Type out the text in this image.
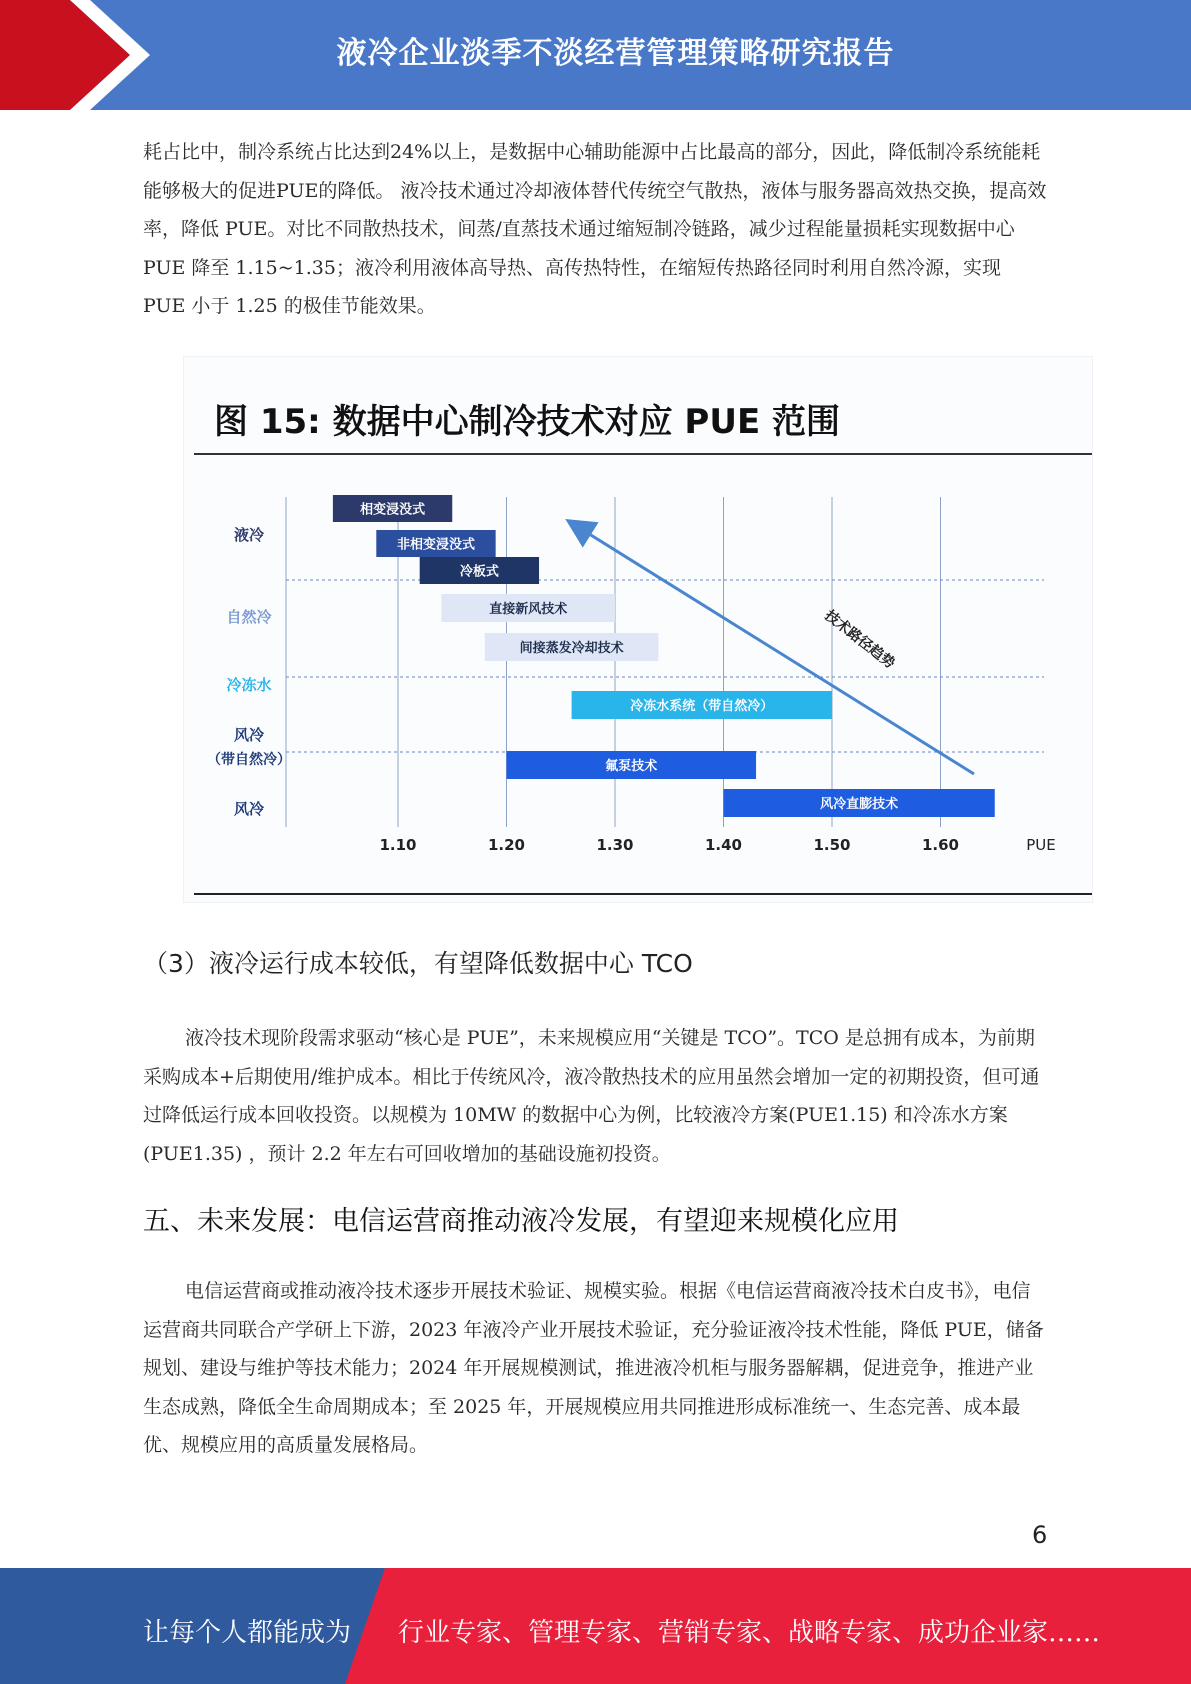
液冷企业淡季不淡经营管理策略研究报告
耗占比中，制冷系统占比达到24%以上，是数据中心辅助能源中占比最高的部分，因此，降低制冷系统能耗能够极大的促进PUE的降低。 液冷技术通过冷却液体替代传统空气散热，液体与服务器高效热交换，提高效率，降低 PUE。对比不同散热技术，间蒸/直蒸技术通过缩短制冷链路，减少过程能量损耗实现数据中心 PUE 降至 1.15~1.35；液冷利用液体高导热、高传热特性，在缩短传热路径同时利用自然冷源，实现 PUE 小于 1.25 的极佳节能效果。
图 15: 数据中心制冷技术对应 PUE 范围
1.10	1.20	1.30	1.40	1.50	1.60	PUE
液冷
自然冷
冷冻水
风冷
（带自然冷）
风冷
相变浸没式
非相变浸没式
冷板式
直接新风技术
间接蒸发冷却技术
冷冻水系统（带自然冷）
氟泵技术
风冷直膨技术
技术路径趋势
（3）液冷运行成本较低，有望降低数据中心 TCO
液冷技术现阶段需求驱动“核心是 PUE”，未来规模应用“关键是 TCO”。TCO 是总拥有成本，为前期采购成本+后期使用/维护成本。相比于传统风冷，液冷散热技术的应用虽然会增加一定的初期投资，但可通过降低运行成本回收投资。以规模为 10MW 的数据中心为例，比较液冷方案(PUE1.15) 和冷冻水方案(PUE1.35) ，预计 2.2 年左右可回收增加的基础设施初投资。
五、未来发展：电信运营商推动液冷发展，有望迎来规模化应用
电信运营商或推动液冷技术逐步开展技术验证、规模实验。根据《电信运营商液冷技术白皮书》，电信运营商共同联合产学研上下游，2023 年液冷产业开展技术验证，充分验证液冷技术性能，降低 PUE，储备规划、建设与维护等技术能力；2024 年开展规模测试，推进液冷机柜与服务器解耦，促进竞争，推进产业生态成熟，降低全生命周期成本；至 2025 年，开展规模应用共同推进形成标准统一、生态完善、成本最优、规模应用的高质量发展格局。
6
让每个人都能成为 行业专家、管理专家、营销专家、战略专家、成功企业家……
